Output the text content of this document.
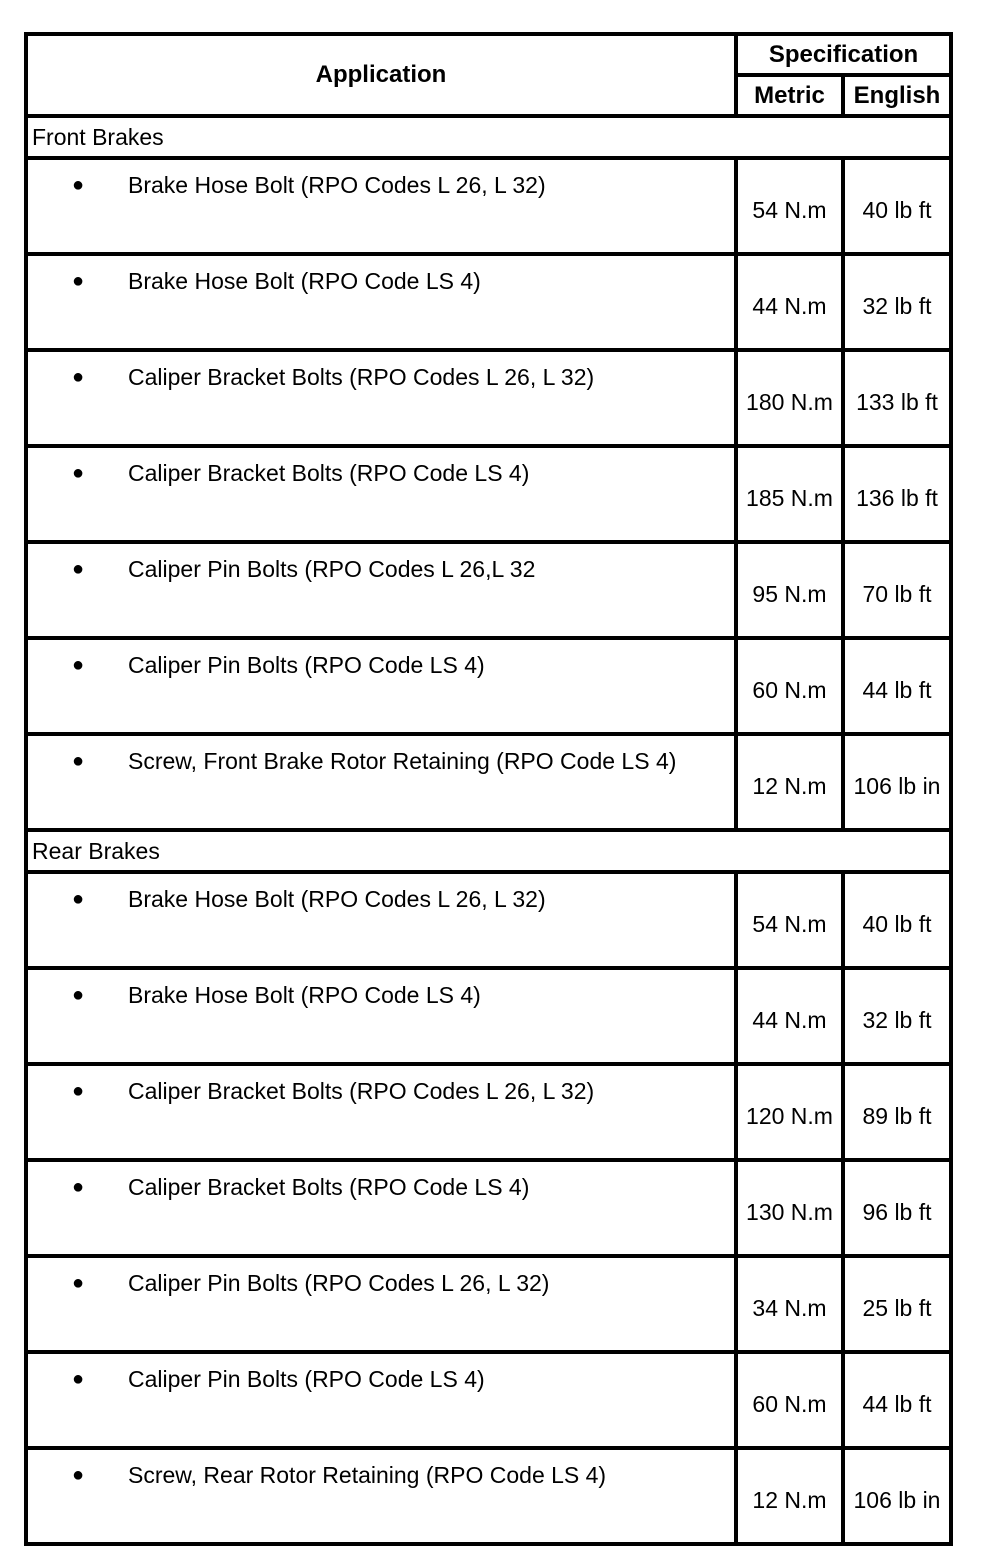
Application	Specification	
	Metric	English
Front Brakes		
● Brake Hose Bolt (RPO Codes L 26, L 32)	54 N.m	40 lb ft
● Brake Hose Bolt (RPO Code LS 4)	44 N.m	32 lb ft
● Caliper Bracket Bolts (RPO Codes L 26, L 32)	180 N.m	133 lb ft
● Caliper Bracket Bolts (RPO Code LS 4)	185 N.m	136 lb ft
● Caliper Pin Bolts (RPO Codes L 26,L 32	95 N.m	70 lb ft
● Caliper Pin Bolts (RPO Code LS 4)	60 N.m	44 lb ft
● Screw, Front Brake Rotor Retaining (RPO Code LS 4)	12 N.m	106 lb in
Rear Brakes		
● Brake Hose Bolt (RPO Codes L 26, L 32)	54 N.m	40 lb ft
● Brake Hose Bolt (RPO Code LS 4)	44 N.m	32 lb ft
● Caliper Bracket Bolts (RPO Codes L 26, L 32)	120 N.m	89 lb ft
● Caliper Bracket Bolts (RPO Code LS 4)	130 N.m	96 lb ft
● Caliper Pin Bolts (RPO Codes L 26, L 32)	34 N.m	25 lb ft
● Caliper Pin Bolts (RPO Code LS 4)	60 N.m	44 lb ft
● Screw, Rear Rotor Retaining (RPO Code LS 4)	12 N.m	106 lb in
